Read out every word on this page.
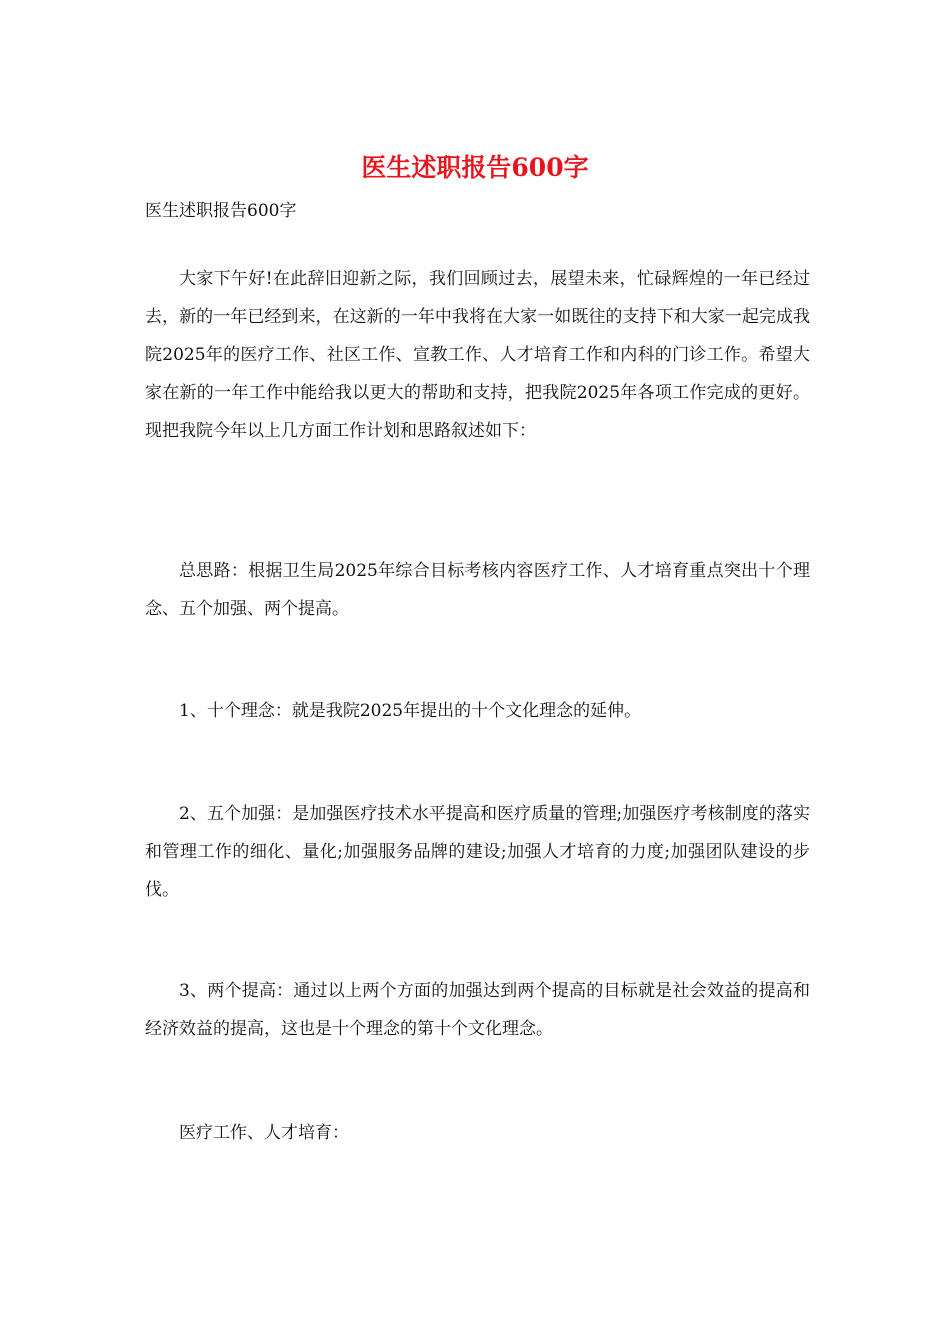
医生述职报告600字

医生述职报告600字

大家下午好!在此辞旧迎新之际，我们回顾过去，展望未来，忙碌辉煌的一年已经过去，新的一年已经到来，在这新的一年中我将在大家一如既往的支持下和大家一起完成我院2025年的医疗工作、社区工作、宣教工作、人才培育工作和内科的门诊工作。希望大家在新的一年工作中能给我以更大的帮助和支持，把我院2025年各项工作完成的更好。现把我院今年以上几方面工作计划和思路叙述如下：

总思路：根据卫生局2025年综合目标考核内容医疗工作、人才培育重点突出十个理念、五个加强、两个提高。

1、十个理念：就是我院2025年提出的十个文化理念的延伸。

2、五个加强：是加强医疗技术水平提高和医疗质量的管理;加强医疗考核制度的落实和管理工作的细化、量化;加强服务品牌的建设;加强人才培育的力度;加强团队建设的步伐。

3、两个提高：通过以上两个方面的加强达到两个提高的目标就是社会效益的提高和经济效益的提高，这也是十个理念的第十个文化理念。

医疗工作、人才培育：
